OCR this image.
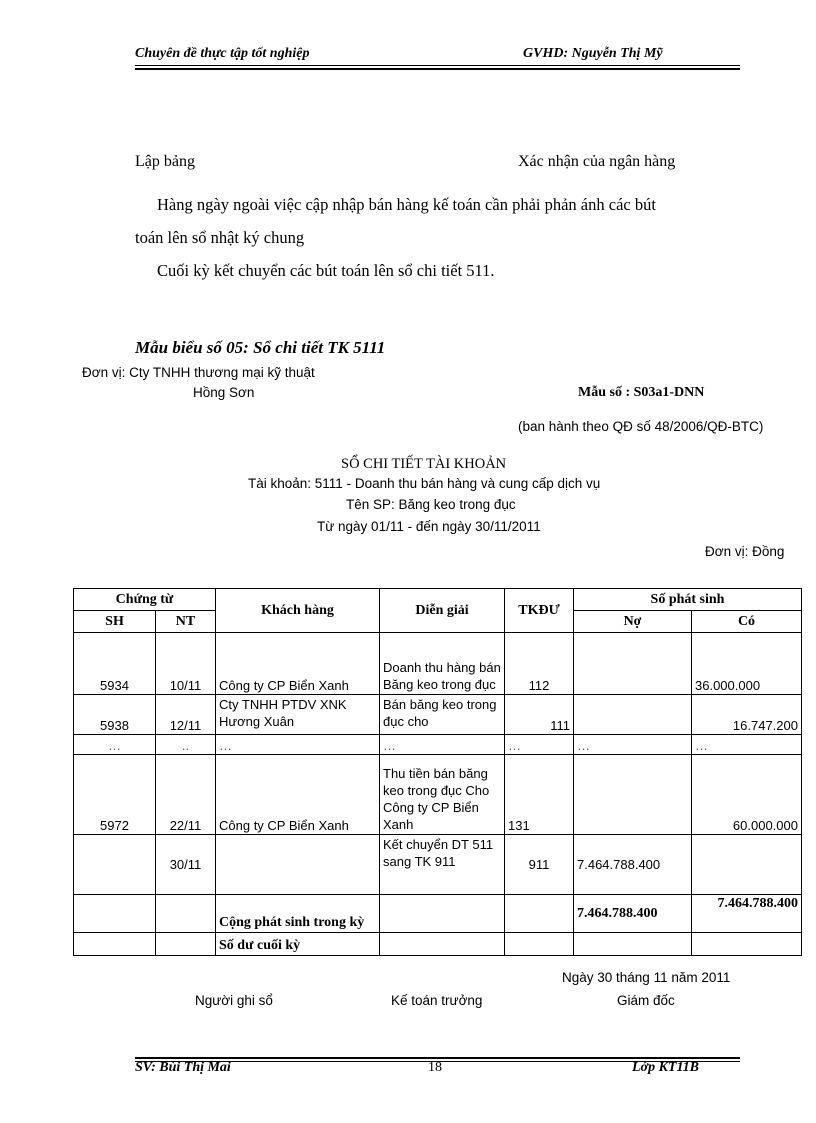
Chuyên đề thực tập tốt nghiệp	GVHD: Nguyễn Thị Mỹ
Lập bảng	Xác nhận của ngân hàng
Hàng ngày ngoài việc cập nhập bán hàng kế toán cần phải phản ánh các bút
toán lên sổ nhật ký chung
Cuối kỳ kết chuyển các bút toán lên sổ chi tiết 511.
Mẫu biểu số 05: Sổ chi tiết TK 5111
Đơn vị: Cty TNHH thương mại kỹ thuật
Hồng Sơn	Mẫu số : S03a1-DNN
(ban hành theo QĐ số 48/2006/QĐ-BTC)
SỔ CHI TIẾT TÀI KHOẢN
Tài khoản: 5111 - Doanh thu bán hàng và cung cấp dịch vụ
Tên SP: Băng keo trong đục
Từ ngày 01/11 - đến ngày 30/11/2011
Đơn vị: Đồng
Chứng từ		Khách hàng	Diễn giải	TKĐƯ	Số phát sinh	
SH	NT				Nợ	Có
5934	10/11	Công ty CP Biển Xanh	Doanh thu hàng bán Băng keo trong đục	112		36.000.000
5938	12/11	Cty TNHH PTDV XNK Hương Xuân	Bán băng keo trong đục cho	111		16.747.200
…	..	…	…	…	…	…
5972	22/11	Công ty CP Biển Xanh	Thu tiền bán băng keo trong đục Cho Công ty CP Biển Xanh	131		60.000.000
	30/11		Kết chuyển DT 511 sang TK 911	911	7.464.788.400	
		Cộng phát sinh trong kỳ			7.464.788.400	7.464.788.400
		Số dư cuối kỳ				
Ngày 30 tháng 11 năm 2011
Người ghi sổ	Kế toán trưởng	Giám đốc
SV: Bùi Thị Mai	18	Lớp KT11B
